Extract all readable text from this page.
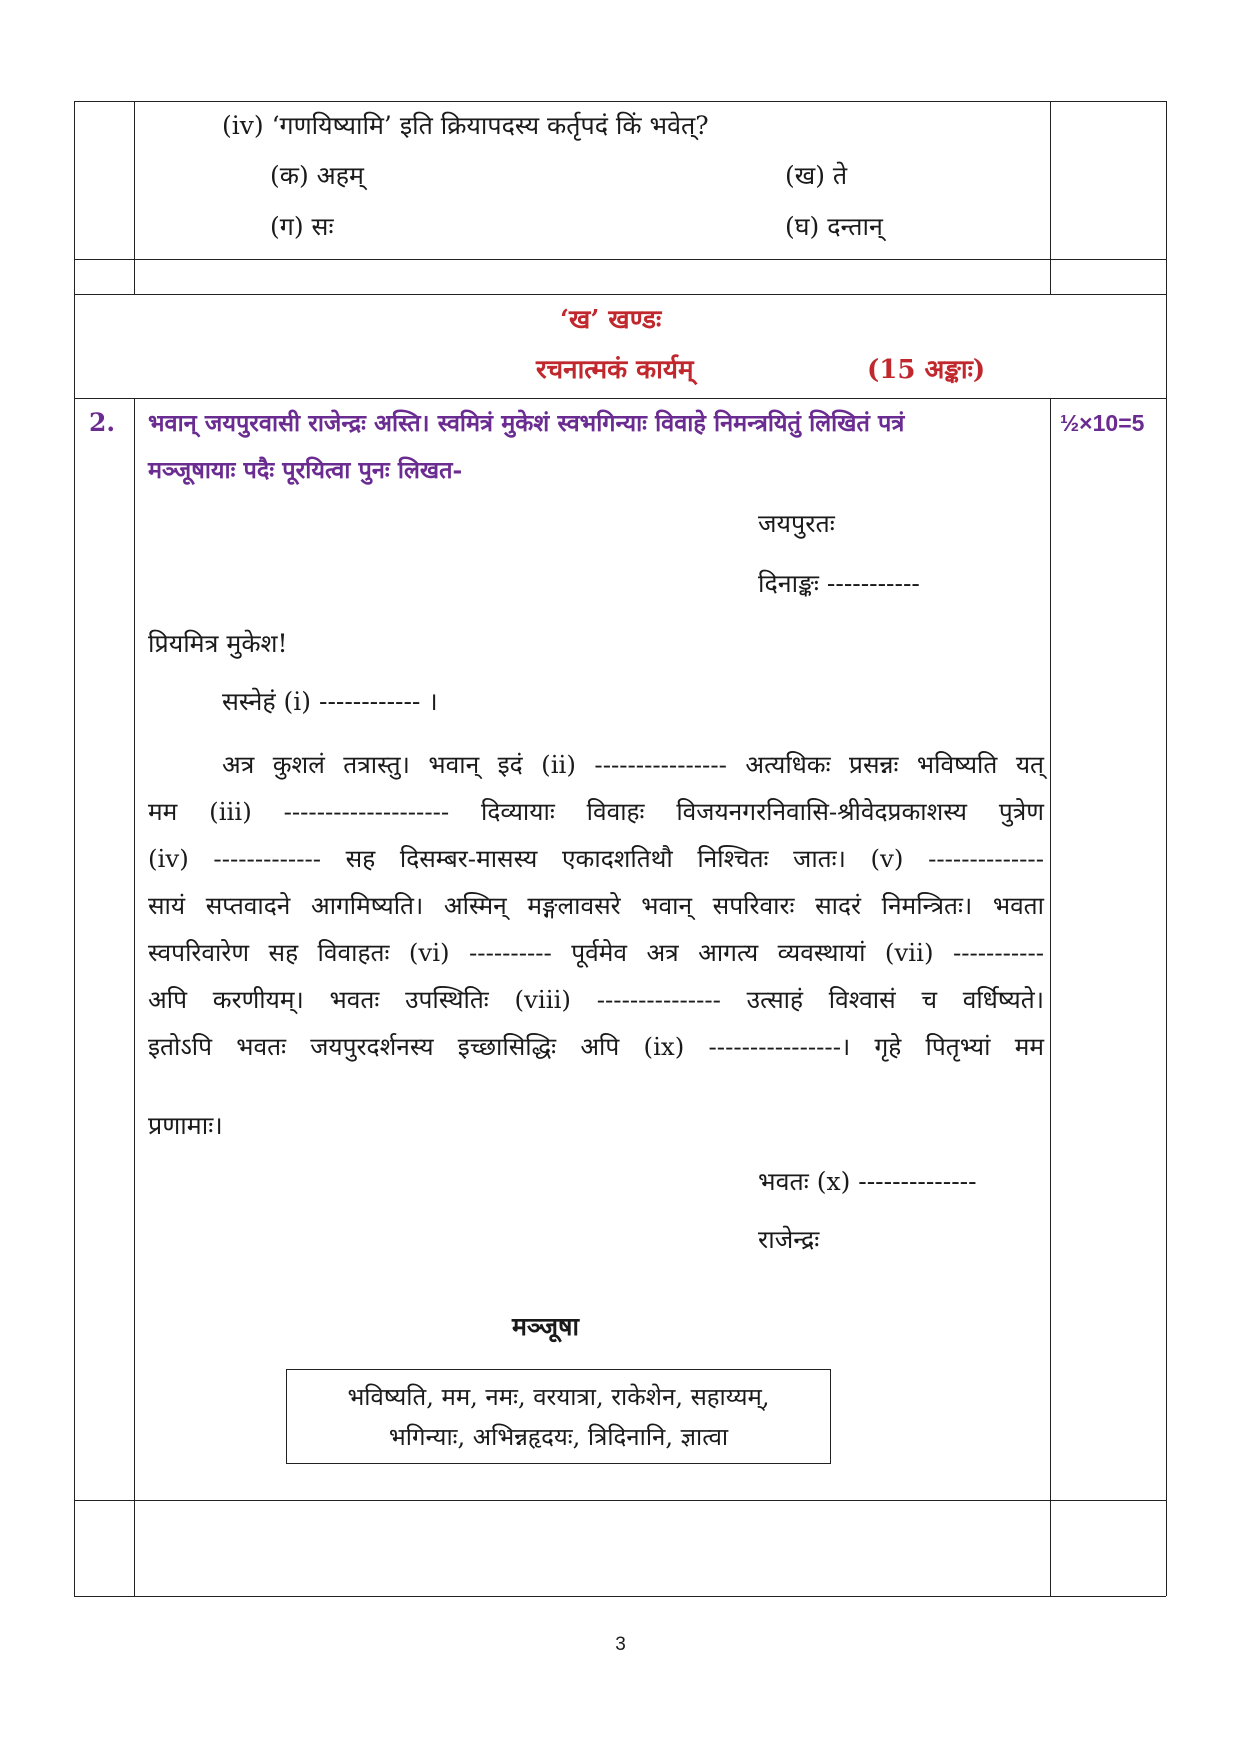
(iv) ‘गणयिष्यामि’ इति क्रियापदस्य कर्तृपदं किं भवेत्?
(क) अहम्	(ख) ते
(ग) सः	(घ) दन्तान्
‘ख’ खण्डः
रचनात्मकं कार्यम्	(15 अङ्काः)
2.	½×10=5
भवान् जयपुरवासी राजेन्द्रः अस्ति। स्वमित्रं मुकेशं स्वभगिन्याः विवाहे निमन्त्रयितुं लिखितं पत्रं
मञ्जूषायाः पदैः पूरयित्वा पुनः लिखत-
जयपुरतः
दिनाङ्कः -----------
प्रियमित्र मुकेश!
सस्नेहं (i) ------------ ।
अत्र कुशलं तत्रास्तु। भवान् इदं (ii) ---------------- अत्यधिकः प्रसन्नः भविष्यति यत्
मम (iii) -------------------- दिव्यायाः विवाहः विजयनगरनिवासि-श्रीवेदप्रकाशस्य पुत्रेण
(iv) ------------- सह दिसम्बर-मासस्य एकादशतिथौ निश्चितः जातः। (v) --------------
सायं सप्तवादने आगमिष्यति। अस्मिन् मङ्गलावसरे भवान् सपरिवारः सादरं निमन्त्रितः। भवता
स्वपरिवारेण सह विवाहतः (vi) ---------- पूर्वमेव अत्र आगत्य व्यवस्थायां (vii) -----------
अपि करणीयम्। भवतः उपस्थितिः (viii) --------------- उत्साहं विश्वासं च वर्धिष्यते।
इतोऽपि भवतः जयपुरदर्शनस्य इच्छासिद्धिः अपि (ix) ----------------। गृहे पितृभ्यां मम
प्रणामाः।
भवतः (x) --------------
राजेन्द्रः
मञ्जूषा
भविष्यति, मम, नमः, वरयात्रा, राकेशेन, सहाय्यम्,
भगिन्याः, अभिन्नहृदयः, त्रिदिनानि, ज्ञात्वा
3
